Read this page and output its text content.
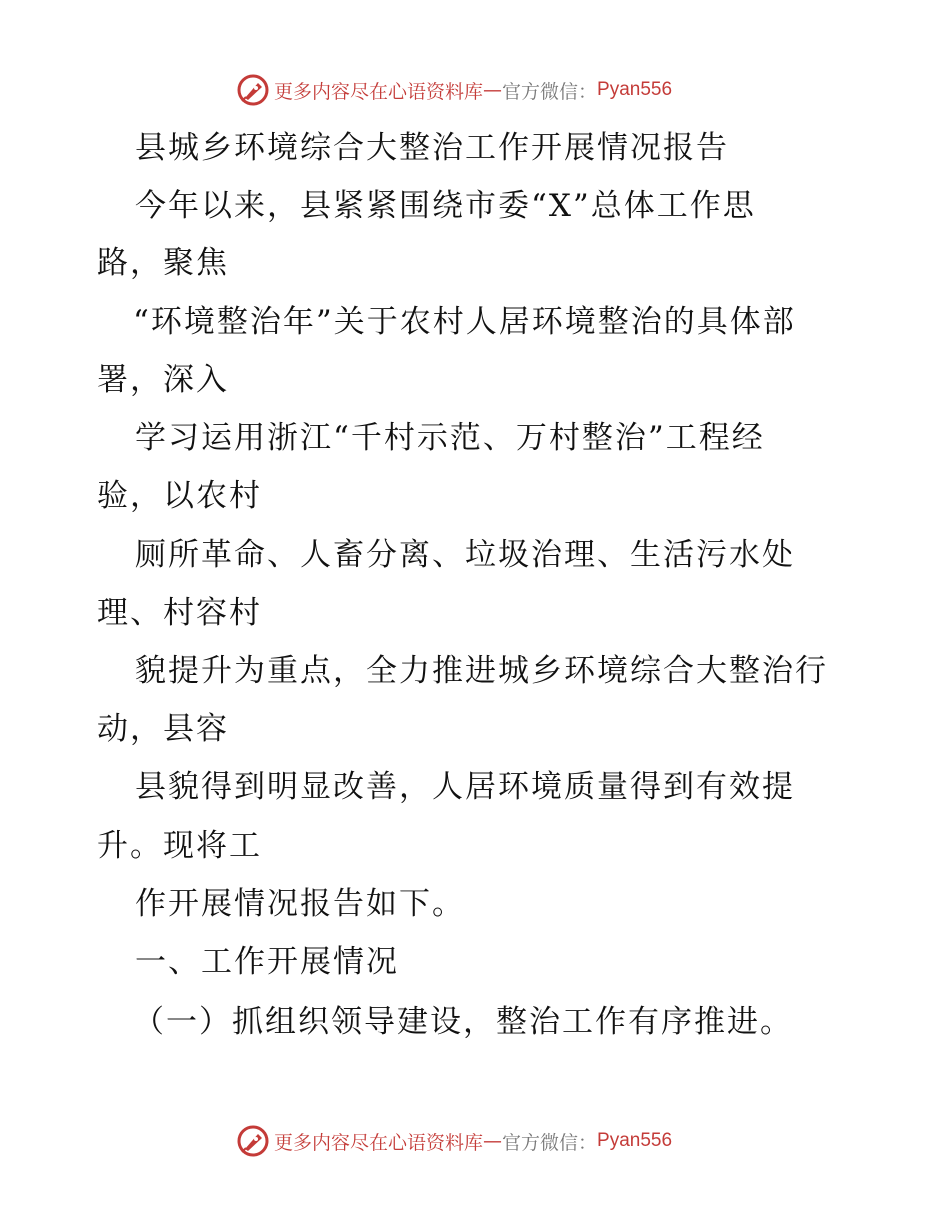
更多内容尽在心语资料库 — 官方微信： Pyan556
县城乡环境综合大整治工作开展情况报告
今年以来，县紧紧围绕市委“X”总体工作思
路，聚焦
“环境整治年”关于农村人居环境整治的具体部
署，深入
学习运用浙江“千村示范、万村整治”工程经
验，以农村
厕所革命、人畜分离、垃圾治理、生活污水处
理、村容村
貌提升为重点，全力推进城乡环境综合大整治行
动，县容
县貌得到明显改善，人居环境质量得到有效提
升。现将工
作开展情况报告如下。
一、工作开展情况
（一）抓组织领导建设，整治工作有序推进。
更多内容尽在心语资料库 — 官方微信： Pyan556
